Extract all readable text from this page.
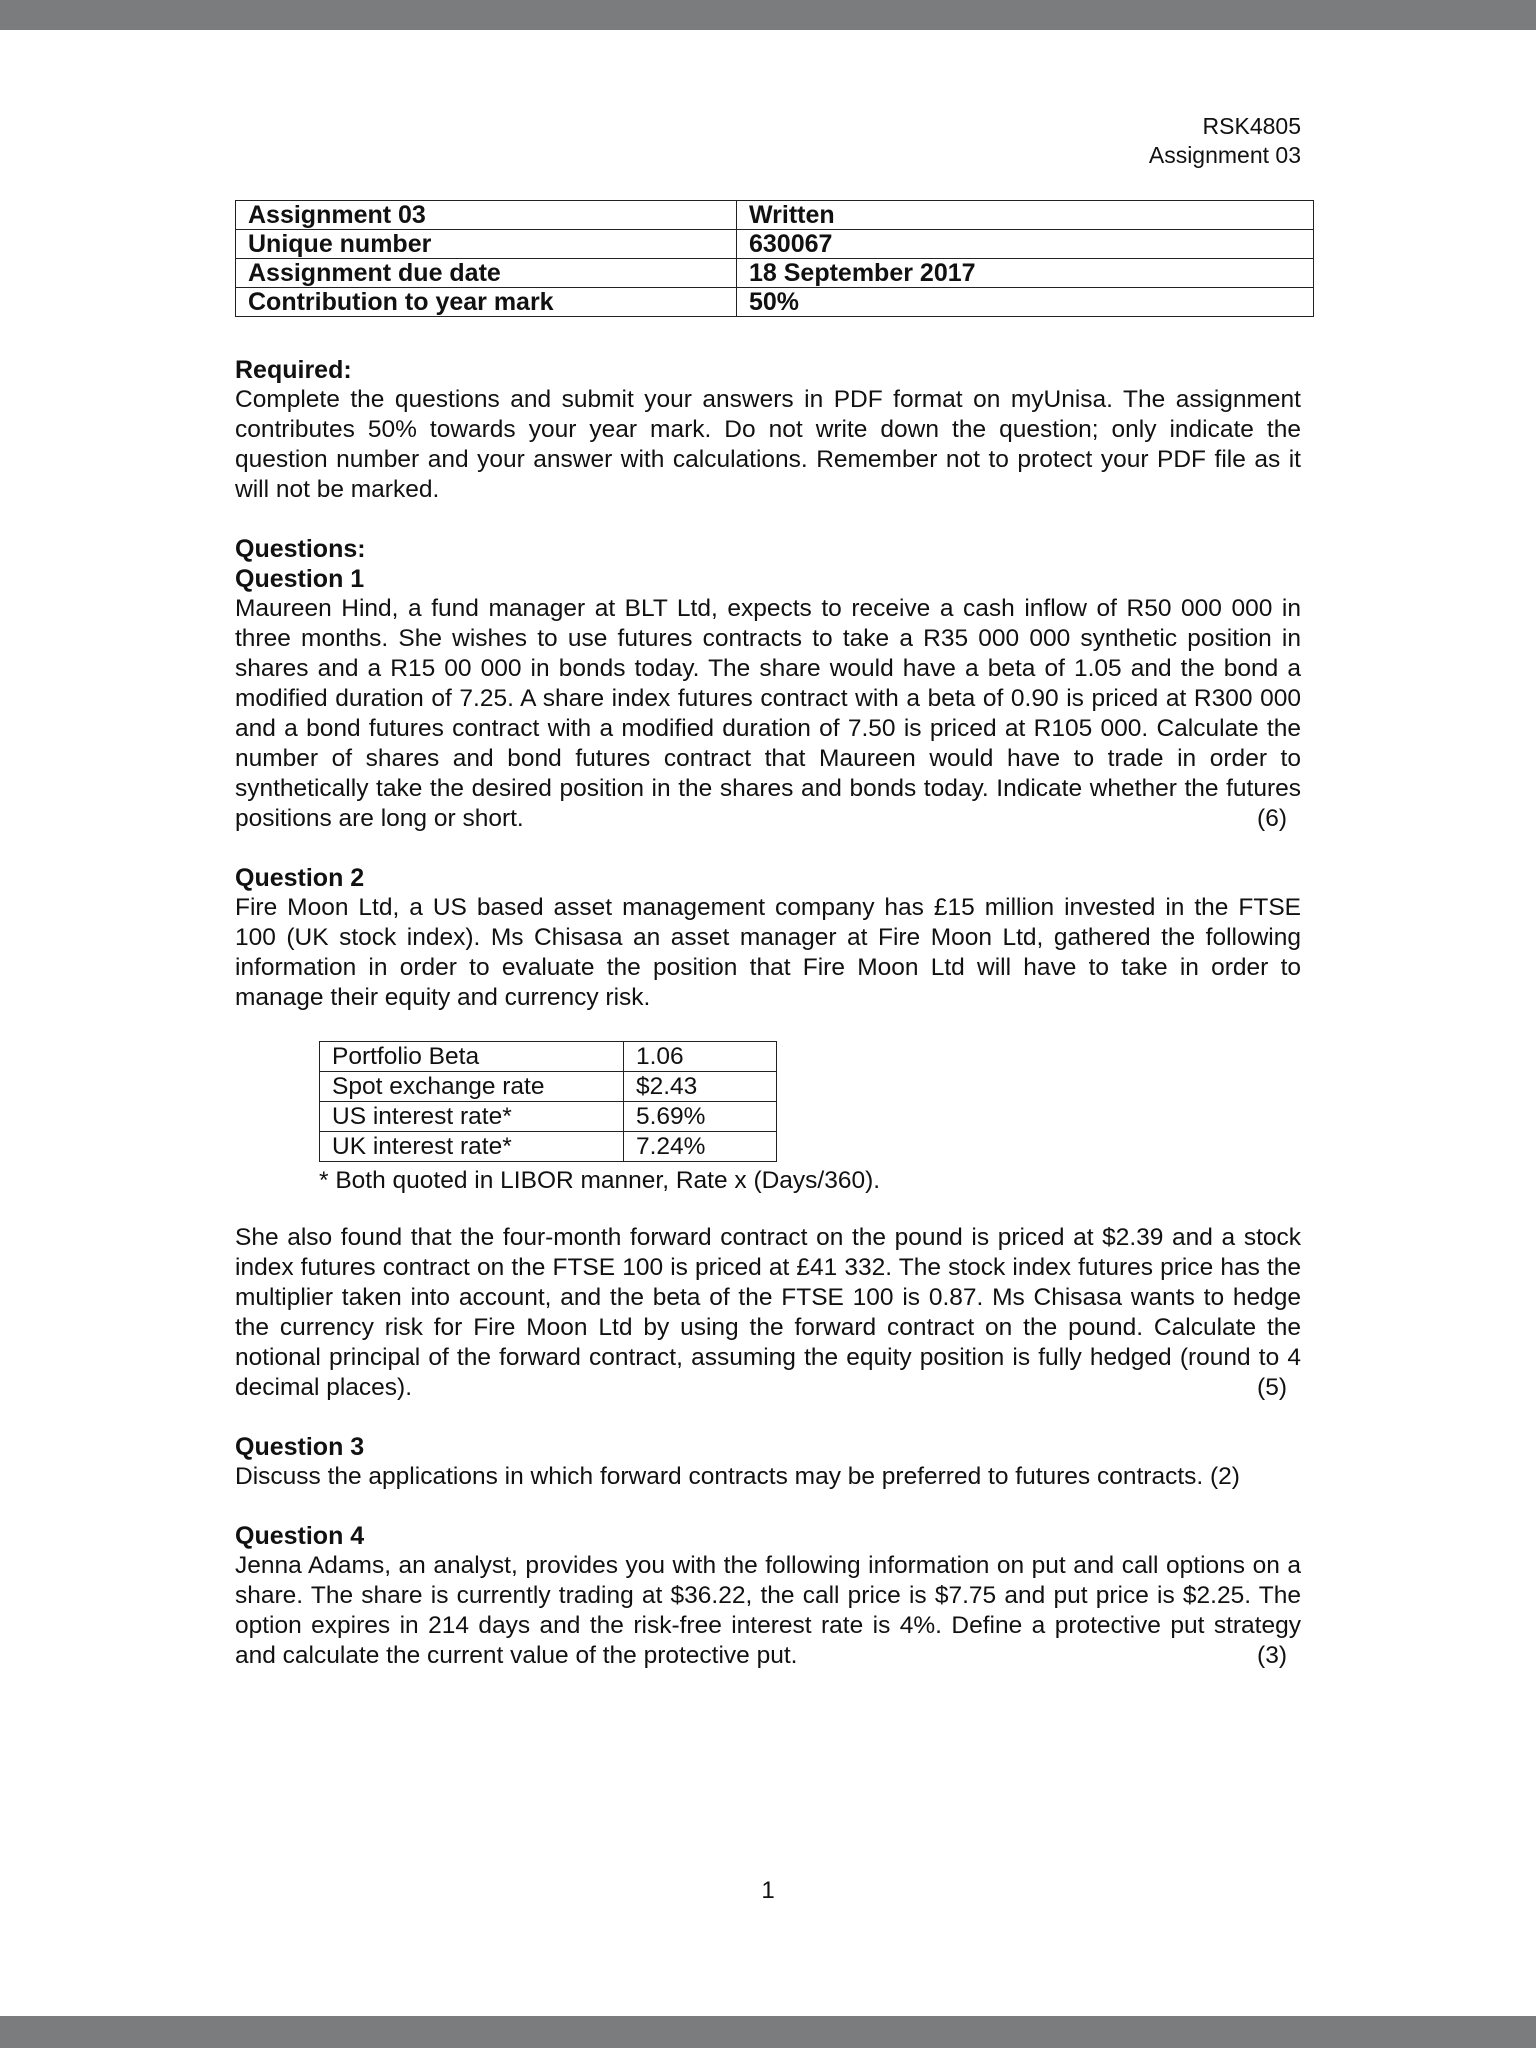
RSK4805
Assignment 03
Assignment 03	Written
Unique number	630067
Assignment due date	18 September 2017
Contribution to year mark	50%

Required:

Complete the questions and submit your answers in PDF format on myUnisa. The assignment contributes 50% towards your year mark. Do not write down the question; only indicate the question number and your answer with calculations. Remember not to protect your PDF file as it will not be marked.

Questions:

Question 1

Maureen Hind, a fund manager at BLT Ltd, expects to receive a cash inflow of R50 000 000 in three months. She wishes to use futures contracts to take a R35 000 000 synthetic position in shares and a R15 00 000 in bonds today. The share would have a beta of 1.05 and the bond a modified duration of 7.25. A share index futures contract with a beta of 0.90 is priced at R300 000 and a bond futures contract with a modified duration of 7.50 is priced at R105 000. Calculate the number of shares and bond futures contract that Maureen would have to trade in order to synthetically take the desired position in the shares and bonds today. Indicate whether the futures positions are long or short.	(6)

Question 2

Fire Moon Ltd, a US based asset management company has £15 million invested in the FTSE 100 (UK stock index). Ms Chisasa an asset manager at Fire Moon Ltd, gathered the following information in order to evaluate the position that Fire Moon Ltd will have to take in order to manage their equity and currency risk.

Portfolio Beta	1.06
Spot exchange rate	$2.43
US interest rate*	5.69%
UK interest rate*	7.24%
* Both quoted in LIBOR manner, Rate x (Days/360).

She also found that the four-month forward contract on the pound is priced at $2.39 and a stock index futures contract on the FTSE 100 is priced at £41 332. The stock index futures price has the multiplier taken into account, and the beta of the FTSE 100 is 0.87. Ms Chisasa wants to hedge the currency risk for Fire Moon Ltd by using the forward contract on the pound. Calculate the notional principal of the forward contract, assuming the equity position is fully hedged (round to 4 decimal places).	(5)

Question 3

Discuss the applications in which forward contracts may be preferred to futures contracts. (2)

Question 4

Jenna Adams, an analyst, provides you with the following information on put and call options on a share. The share is currently trading at $36.22, the call price is $7.75 and put price is $2.25. The option expires in 214 days and the risk-free interest rate is 4%. Define a protective put strategy and calculate the current value of the protective put.	(3)
1
